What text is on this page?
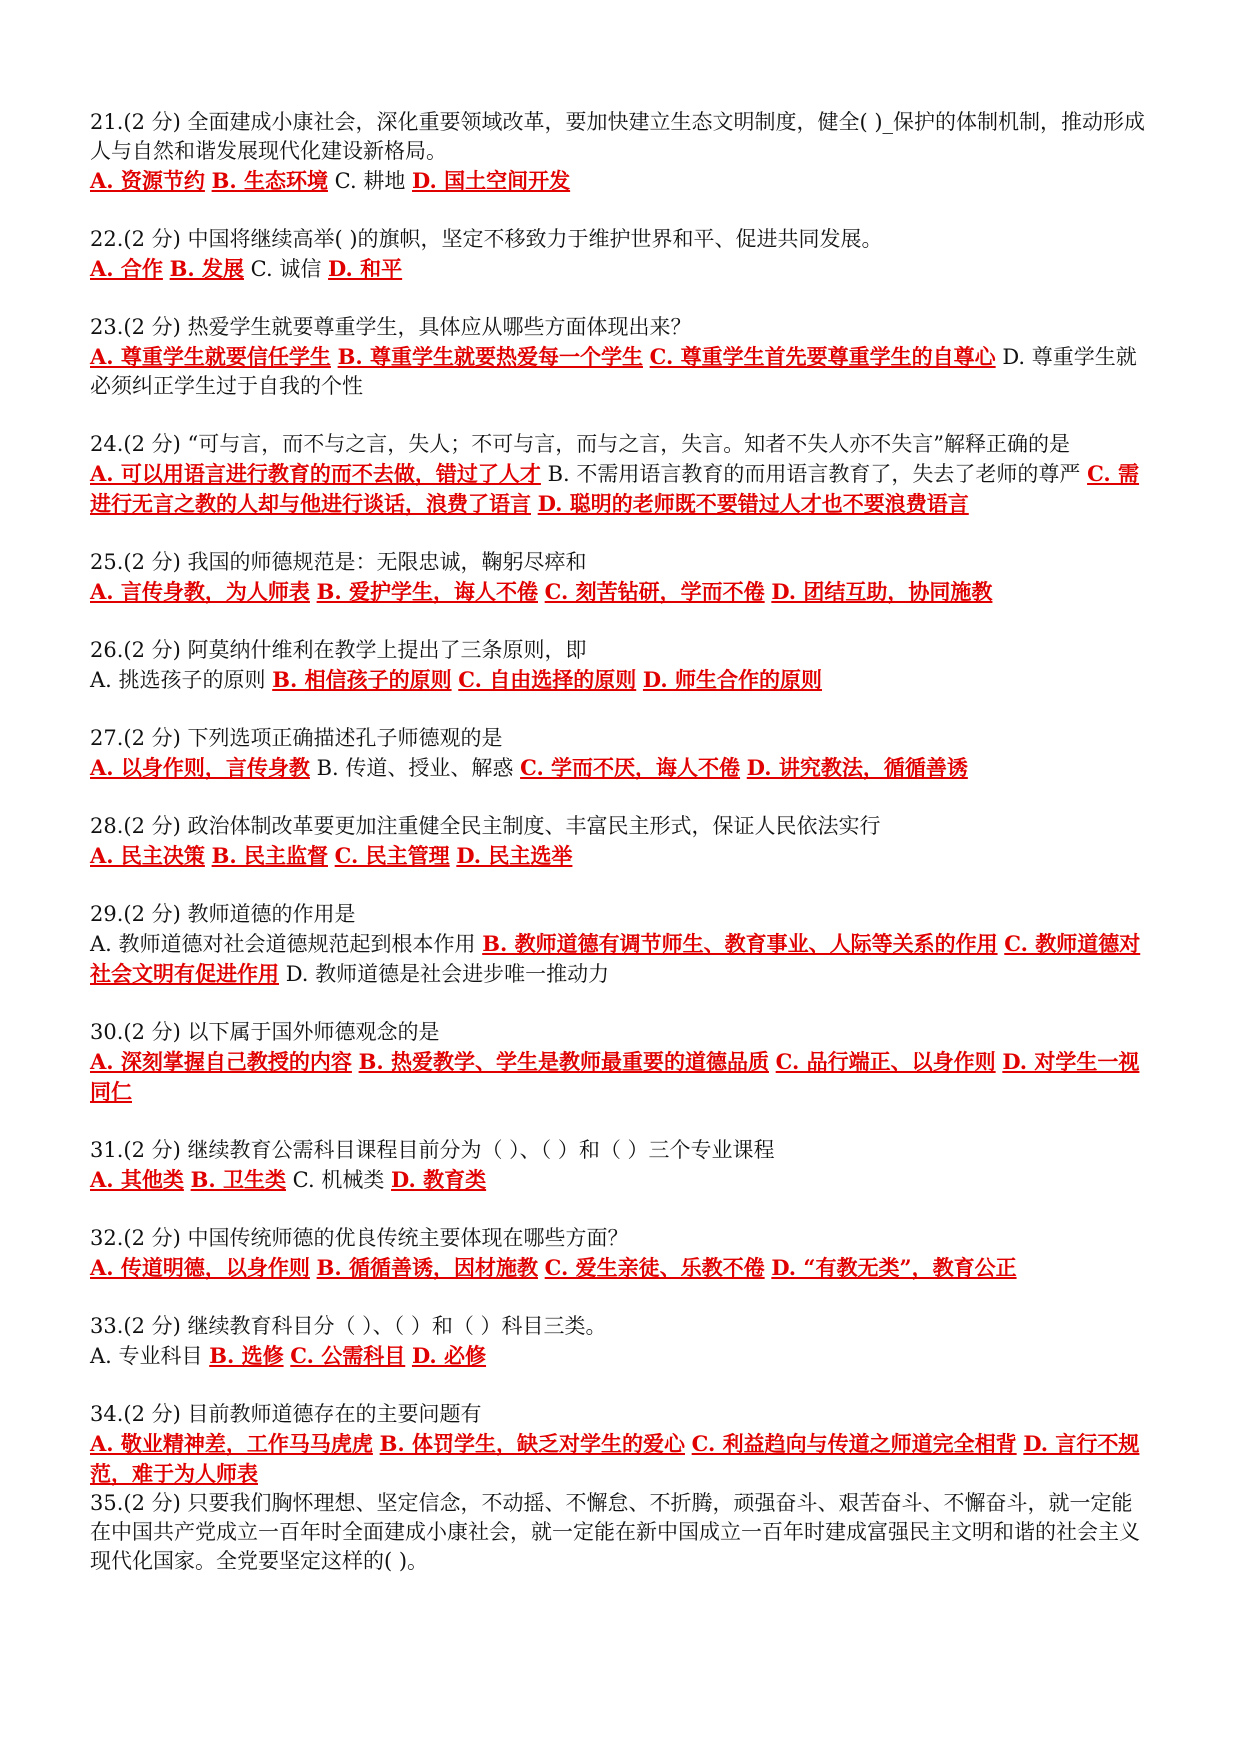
21.(2 分) 全面建成小康社会，深化重要领域改革，要加快建立生态文明制度，健全( )_保护的体制机制，推动形成人与自然和谐发展现代化建设新格局。
A. 资源节约 B. 生态环境 C. 耕地 D. 国土空间开发
22.(2 分) 中国将继续高举( )的旗帜，坚定不移致力于维护世界和平、促进共同发展。
A. 合作 B. 发展 C. 诚信 D. 和平
23.(2 分) 热爱学生就要尊重学生，具体应从哪些方面体现出来？
A. 尊重学生就要信任学生 B. 尊重学生就要热爱每一个学生 C. 尊重学生首先要尊重学生的自尊心 D. 尊重学生就必须纠正学生过于自我的个性
24.(2 分) “可与言，而不与之言，失人；不可与言，而与之言，失言。知者不失人亦不失言”解释正确的是
A. 可以用语言进行教育的而不去做，错过了人才 B. 不需用语言教育的而用语言教育了，失去了老师的尊严 C. 需进行无言之教的人却与他进行谈话，浪费了语言 D. 聪明的老师既不要错过人才也不要浪费语言
25.(2 分) 我国的师德规范是：无限忠诚，鞠躬尽瘁和
A. 言传身教，为人师表 B. 爱护学生，诲人不倦 C. 刻苦钻研，学而不倦 D. 团结互助，协同施教
26.(2 分) 阿莫纳什维利在教学上提出了三条原则，即
A. 挑选孩子的原则 B. 相信孩子的原则 C. 自由选择的原则 D. 师生合作的原则
27.(2 分) 下列选项正确描述孔子师德观的是
A. 以身作则，言传身教 B. 传道、授业、解惑 C. 学而不厌，诲人不倦 D. 讲究教法，循循善诱
28.(2 分) 政治体制改革要更加注重健全民主制度、丰富民主形式，保证人民依法实行
A. 民主决策 B. 民主监督 C. 民主管理 D. 民主选举
29.(2 分) 教师道德的作用是
A. 教师道德对社会道德规范起到根本作用 B. 教师道德有调节师生、教育事业、人际等关系的作用 C. 教师道德对社会文明有促进作用 D. 教师道德是社会进步唯一推动力
30.(2 分) 以下属于国外师德观念的是
A. 深刻掌握自己教授的内容 B. 热爱教学、学生是教师最重要的道德品质 C. 品行端正、以身作则 D. 对学生一视同仁
31.(2 分) 继续教育公需科目课程目前分为（ ）、（ ）和（ ）三个专业课程
A. 其他类 B. 卫生类 C. 机械类 D. 教育类
32.(2 分) 中国传统师德的优良传统主要体现在哪些方面？
A. 传道明德，以身作则 B. 循循善诱，因材施教 C. 爱生亲徒、乐教不倦 D. “有教无类”，教育公正
33.(2 分) 继续教育科目分（ ）、（ ）和（ ）科目三类。
A. 专业科目 B. 选修 C. 公需科目 D. 必修
34.(2 分) 目前教师道德存在的主要问题有
A. 敬业精神差，工作马马虎虎 B. 体罚学生，缺乏对学生的爱心 C. 利益趋向与传道之师道完全相背 D. 言行不规范，难于为人师表
35.(2 分) 只要我们胸怀理想、坚定信念，不动摇、不懈怠、不折腾，顽强奋斗、艰苦奋斗、不懈奋斗，就一定能在中国共产党成立一百年时全面建成小康社会，就一定能在新中国成立一百年时建成富强民主文明和谐的社会主义现代化国家。全党要坚定这样的( )。
